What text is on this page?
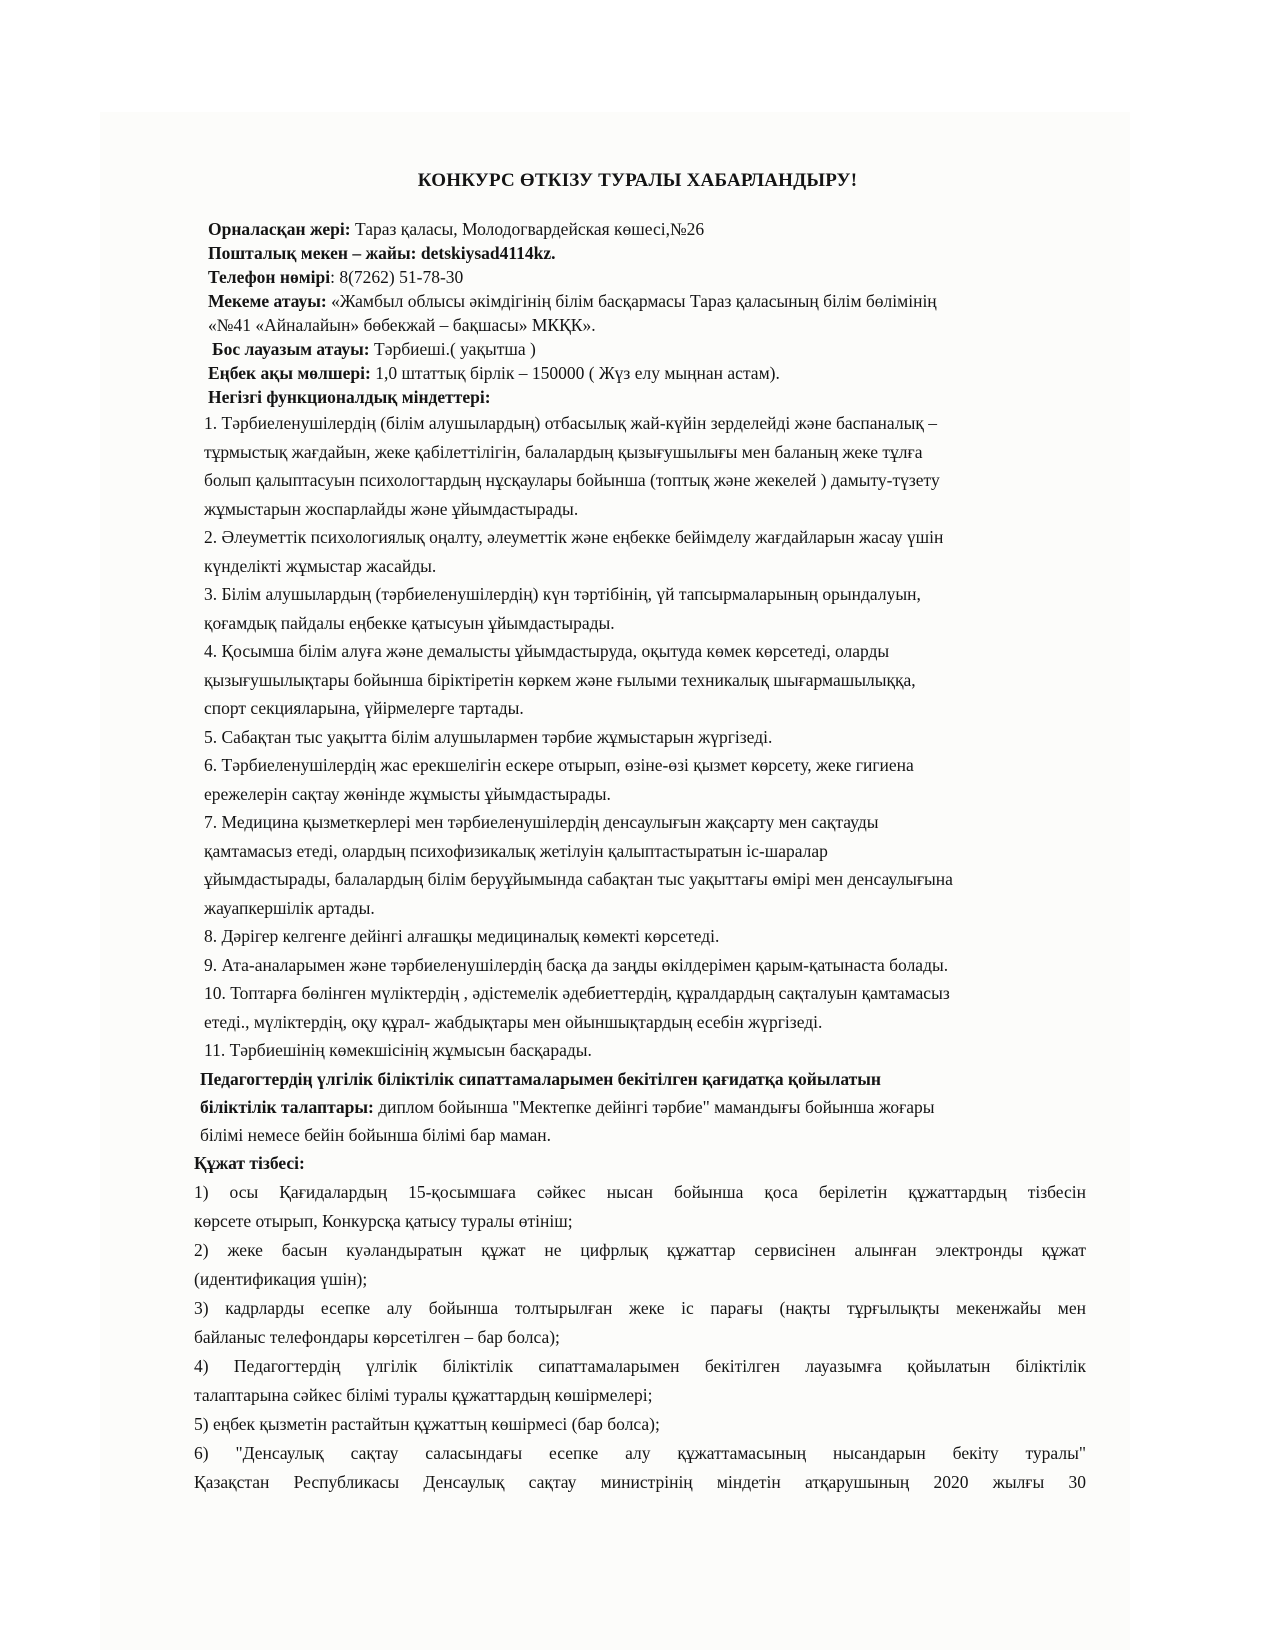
КОНКУРС ӨТКІЗУ ТУРАЛЫ ХАБАРЛАНДЫРУ!
Орналасқан жері: Тараз қаласы, Молодогвардейская көшесі,№26
Пошталық мекен – жайы: detskiysad4114kz.
Телефон нөмірі: 8(7262) 51-78-30
Мекеме атауы: «Жамбыл облысы әкімдігінің білім басқармасы Тараз қаласының білім бөлімінің
«№41 «Айналайын» бөбекжай – бақшасы» МКҚК».
Бос лауазым атауы: Тәрбиеші.( уақытша )
Еңбек ақы мөлшері: 1,0 штаттық бірлік – 150000 ( Жүз елу мыңнан астам).
Негізгі функционалдық міндеттері:
1. Тәрбиеленушілердің (білім алушылардың) отбасылық жай-күйін зерделейді және баспаналық –
тұрмыстық жағдайын, жеке қабілеттілігін, балалардың қызығушылығы мен баланың жеке тұлға
болып қалыптасуын психологтардың нұсқаулары бойынша (топтық және жекелей ) дамыту-түзету
жұмыстарын жоспарлайды және ұйымдастырады.
2. Әлеуметтік психологиялық оңалту, әлеуметтік және еңбекке бейімделу жағдайларын жасау үшін
күнделікті жұмыстар жасайды.
3. Білім алушылардың (тәрбиеленушілердің) күн тәртібінің, үй тапсырмаларының орындалуын,
қоғамдық пайдалы еңбекке қатысуын ұйымдастырады.
4. Қосымша білім алуға және демалысты ұйымдастыруда, оқытуда көмек көрсетеді, оларды
қызығушылықтары бойынша біріктіретін көркем және ғылыми техникалық шығармашылыққа,
спорт секцияларына, үйірмелерге тартады.
5. Сабақтан тыс уақытта білім алушылармен тәрбие жұмыстарын жүргізеді.
6. Тәрбиеленушілердің жас ерекшелігін ескере отырып, өзіне-өзі қызмет көрсету, жеке гигиена
ережелерін сақтау жөнінде жұмысты ұйымдастырады.
7. Медицина қызметкерлері мен тәрбиеленушілердің денсаулығын жақсарту мен сақтауды
қамтамасыз етеді, олардың психофизикалық жетілуін қалыптастыратын іс-шаралар
ұйымдастырады, балалардың білім беруұйымында сабақтан тыс уақыттағы өмірі мен денсаулығына
жауапкершілік артады.
8. Дәрігер келгенге дейінгі алғашқы медициналық көмекті көрсетеді.
9. Ата-аналарымен және тәрбиеленушілердің басқа да заңды өкілдерімен қарым-қатынаста болады.
10. Топтарға бөлінген мүліктердің , әдістемелік әдебиеттердің, құралдардың сақталуын қамтамасыз
етеді., мүліктердің, оқу құрал- жабдықтары мен ойыншықтардың есебін жүргізеді.
11. Тәрбиешінің көмекшісінің жұмысын басқарады.
Педагогтердің үлгілік біліктілік сипаттамаларымен бекітілген қағидатқа қойылатын
біліктілік талаптары: диплом бойынша "Мектепке дейінгі тәрбие" мамандығы бойынша жоғары
білімі немесе бейін бойынша білімі бар маман.
Құжат тізбесі:
1) осы Қағидалардың 15-қосымшаға сәйкес нысан бойынша қоса берілетін құжаттардың тізбесін
көрсете отырып, Конкурсқа қатысу туралы өтініш;
2) жеке басын куәландыратын құжат не цифрлық құжаттар сервисінен алынған электронды құжат
(идентификация үшін);
3) кадрларды есепке алу бойынша толтырылған жеке іс парағы (нақты тұрғылықты мекенжайы мен
байланыс телефондары көрсетілген – бар болса);
4) Педагогтердің үлгілік біліктілік сипаттамаларымен бекітілген лауазымға қойылатын біліктілік
талаптарына сәйкес білімі туралы құжаттардың көшірмелері;
5) еңбек қызметін растайтын құжаттың көшірмесі (бар болса);
6) "Денсаулық сақтау саласындағы есепке алу құжаттамасының нысандарын бекіту туралы"
Қазақстан Республикасы Денсаулық сақтау министрінің міндетін атқарушының 2020 жылғы 30
